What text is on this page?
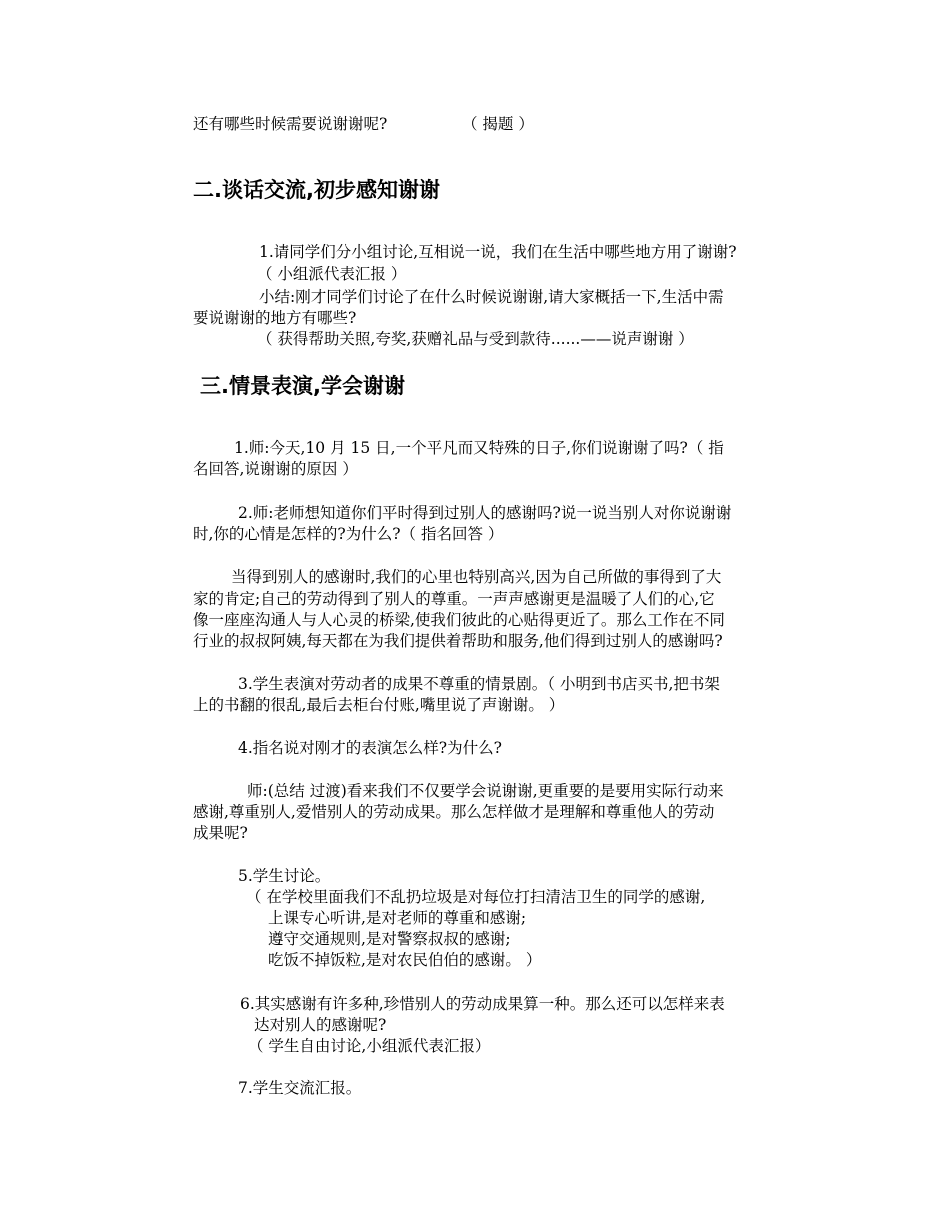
还有哪些时候需要说谢谢呢?	（ 揭题 ）
二.谈话交流,初步感知谢谢
1.请同学们分小组讨论,互相说一说，我们在生活中哪些地方用了谢谢?
（ 小组派代表汇报 ）
小结:刚才同学们讨论了在什么时候说谢谢,请大家概括一下,生活中需
要说谢谢的地方有哪些?
（ 获得帮助关照,夸奖,获赠礼品与受到款待......——说声谢谢 ）
三.情景表演,学会谢谢
1.师:今天,10 月 15 日,一个平凡而又特殊的日子,你们说谢谢了吗?（ 指
名回答,说谢谢的原因 ）
2.师:老师想知道你们平时得到过别人的感谢吗?说一说当别人对你说谢谢
时,你的心情是怎样的?为什么?（ 指名回答 ）
当得到别人的感谢时,我们的心里也特别高兴,因为自己所做的事得到了大
家的肯定;自己的劳动得到了别人的尊重。一声声感谢更是温暖了人们的心,它
像一座座沟通人与人心灵的桥梁,使我们彼此的心贴得更近了。那么工作在不同
行业的叔叔阿姨,每天都在为我们提供着帮助和服务,他们得到过别人的感谢吗?
3.学生表演对劳动者的成果不尊重的情景剧。（ 小明到书店买书,把书架
上的书翻的很乱,最后去柜台付账,嘴里说了声谢谢。 ）
4.指名说对刚才的表演怎么样?为什么?
师:(总结 过渡)看来我们不仅要学会说谢谢,更重要的是要用实际行动来
感谢,尊重别人,爱惜别人的劳动成果。那么怎样做才是理解和尊重他人的劳动
成果呢?
5.学生讨论。
（ 在学校里面我们不乱扔垃圾是对每位打扫清洁卫生的同学的感谢,
上课专心听讲,是对老师的尊重和感谢;
遵守交通规则,是对警察叔叔的感谢;
吃饭不掉饭粒,是对农民伯伯的感谢。 ）
6.其实感谢有许多种,珍惜别人的劳动成果算一种。那么还可以怎样来表
达对别人的感谢呢?
（ 学生自由讨论,小组派代表汇报）
7.学生交流汇报。
